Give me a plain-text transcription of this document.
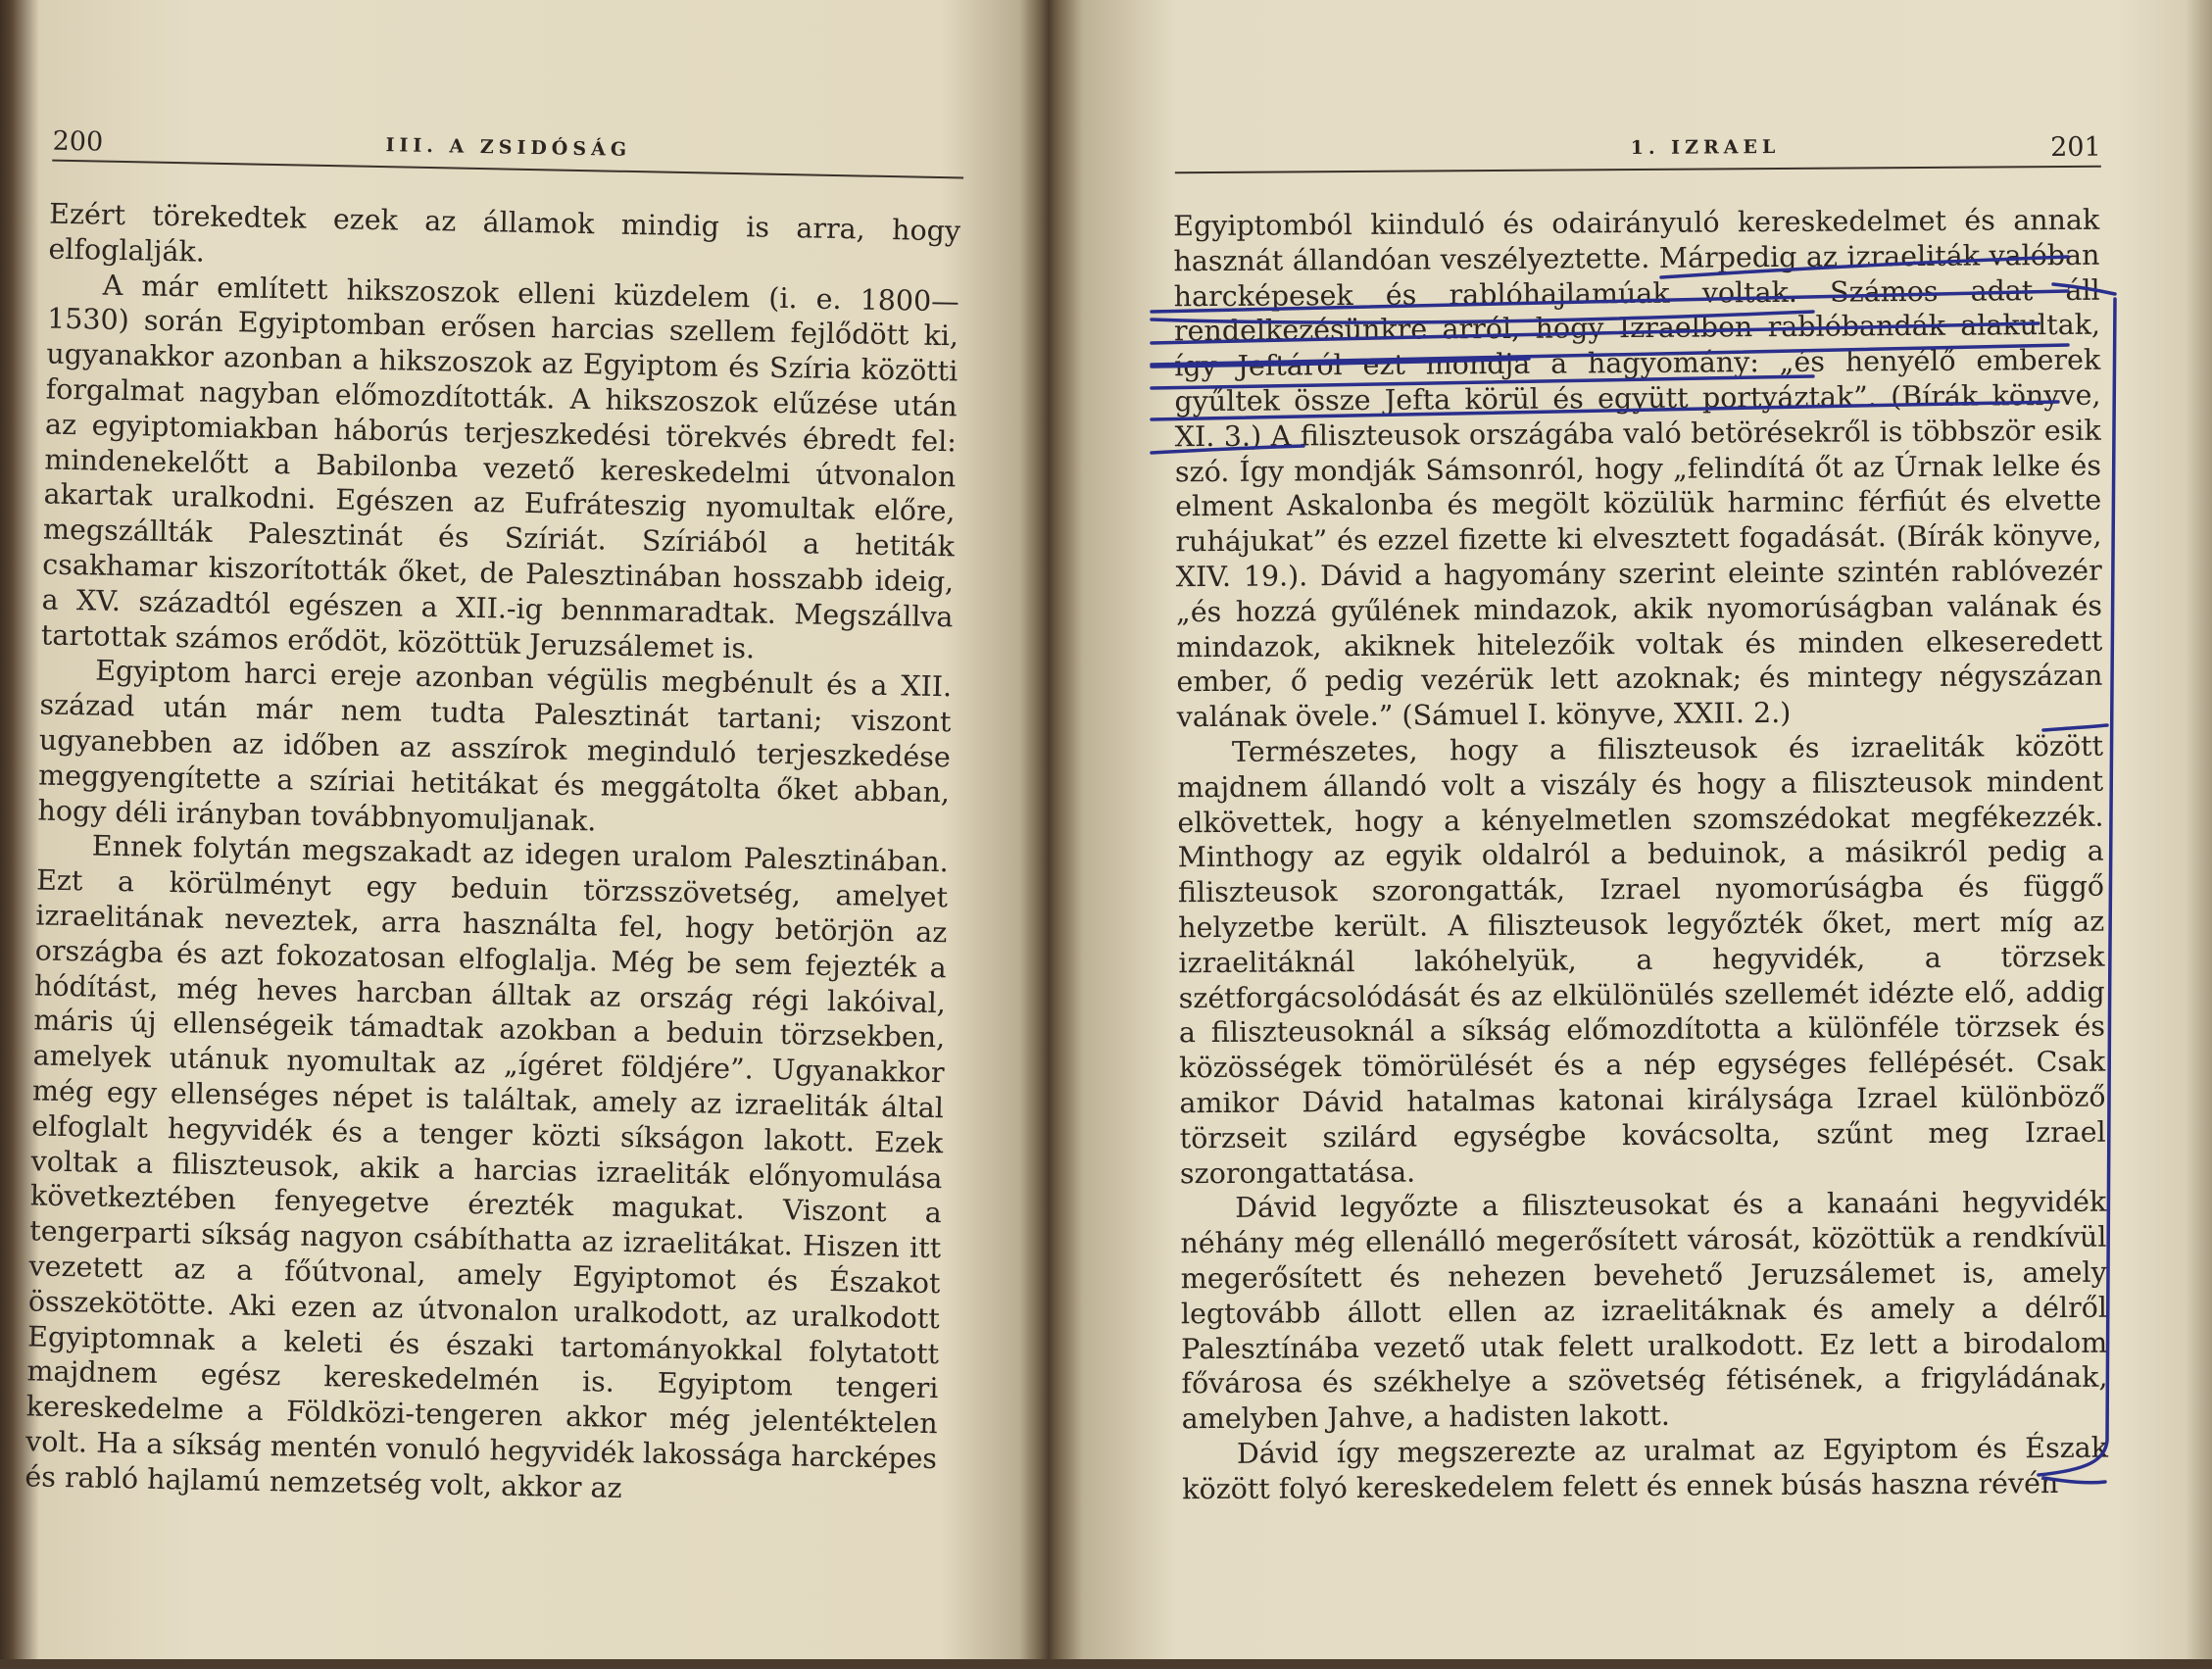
200	III. A ZSIDÓSÁG

Ezért törekedtek ezek az államok mindig is arra, hogy elfoglalják.

A már említett hikszoszok elleni küzdelem (i. e. 1800—1530) során Egyiptomban erősen harcias szellem fejlődött ki, ugyanakkor azonban a hikszoszok az Egyiptom és Szíria közötti forgalmat nagyban előmozdították. A hikszoszok elűzése után az egyiptomiakban háborús terjeszkedési törekvés ébredt fel: mindenekelőtt a Babilonba vezető kereskedelmi útvonalon akartak uralkodni. Egészen az Eufráteszig nyomultak előre, megszállták Palesztinát és Szíriát. Szíriából a hetiták csakhamar kiszorították őket, de Palesztinában hosszabb ideig, a XV. századtól egészen a XII.-ig bennmaradtak. Megszállva tartottak számos erődöt, közöttük Jeruzsálemet is.

Egyiptom harci ereje azonban végülis megbénult és a XII. század után már nem tudta Palesztinát tartani; viszont ugyanebben az időben az asszírok meginduló terjeszkedése meggyengítette a szíriai hetitákat és meggátolta őket abban, hogy déli irányban továbbnyomuljanak.

Ennek folytán megszakadt az idegen uralom Palesztinában. Ezt a körülményt egy beduin törzsszövetség, amelyet izraelitának neveztek, arra használta fel, hogy betörjön az országba és azt fokozatosan elfoglalja. Még be sem fejezték a hódítást, még heves harcban álltak az ország régi lakóival, máris új ellenségeik támadtak azokban a beduin törzsekben, amelyek utánuk nyomultak az „ígéret földjére”. Ugyanakkor még egy ellenséges népet is találtak, amely az izraeliták által elfoglalt hegyvidék és a tenger közti síkságon lakott. Ezek voltak a filiszteusok, akik a harcias izraeliták előnyomulása következtében fenyegetve érezték magukat. Viszont a tengerparti síkság nagyon csábíthatta az izraelitákat. Hiszen itt vezetett az a főútvonal, amely Egyiptomot és Északot összekötötte. Aki ezen az útvonalon uralkodott, az uralkodott Egyiptomnak a keleti és északi tartományokkal folytatott majdnem egész kereskedelmén is. Egyiptom tengeri kereskedelme a Földközi-tengeren akkor még jelentéktelen volt. Ha a síkság mentén vonuló hegyvidék lakossága harcképes és rabló hajlamú nemzetség volt, akkor az

1. IZRAEL	201

Egyiptomból kiinduló és odairányuló kereskedelmet és annak hasznát állandóan veszélyeztette. Márpedig az izraeliták valóban harcképesek és rablóhajlamúak voltak. Számos adat áll rendelkezésünkre arról, hogy Izraelben rablóbandák alakultak, így Jeftáról ezt mondja a hagyomány: „és henyélő emberek gyűltek össze Jefta körül és együtt portyáztak”. (Bírák könyve, XI. 3.) A filiszteusok országába való betörésekről is többször esik szó. Így mondják Sámsonról, hogy „felindítá őt az Úrnak lelke és elment Askalonba és megölt közülük harminc férfiút és elvette ruhájukat” és ezzel fizette ki elvesztett fogadását. (Bírák könyve, XIV. 19.). Dávid a hagyomány szerint eleinte szintén rablóvezér „és hozzá gyűlének mindazok, akik nyomorúságban valának és mindazok, akiknek hitelezőik voltak és minden elkeseredett ember, ő pedig vezérük lett azoknak; és mintegy négyszázan valának övele.” (Sámuel I. könyve, XXII. 2.)

Természetes, hogy a filiszteusok és izraeliták között majdnem állandó volt a viszály és hogy a filiszteusok mindent elkövettek, hogy a kényelmetlen szomszédokat megfékezzék. Minthogy az egyik oldalról a beduinok, a másikról pedig a filiszteusok szorongatták, Izrael nyomorúságba és függő helyzetbe került. A filiszteusok legyőzték őket, mert míg az izraelitáknál lakóhelyük, a hegyvidék, a törzsek szétforgácsolódását és az elkülönülés szellemét idézte elő, addig a filiszteusoknál a síkság előmozdította a különféle törzsek és közösségek tömörülését és a nép egységes fellépését. Csak amikor Dávid hatalmas katonai királysága Izrael különböző törzseit szilárd egységbe kovácsolta, szűnt meg Izrael szorongattatása.

Dávid legyőzte a filiszteusokat és a kanaáni hegyvidék néhány még ellenálló megerősített városát, közöttük a rendkívül megerősített és nehezen bevehető Jeruzsálemet is, amely legtovább állott ellen az izraelitáknak és amely a délről Palesztínába vezető utak felett uralkodott. Ez lett a birodalom fővárosa és székhelye a szövetség fétisének, a frigyládának, amelyben Jahve, a hadisten lakott.

Dávid így megszerezte az uralmat az Egyiptom és Észak között folyó kereskedelem felett és ennek búsás haszna révén
